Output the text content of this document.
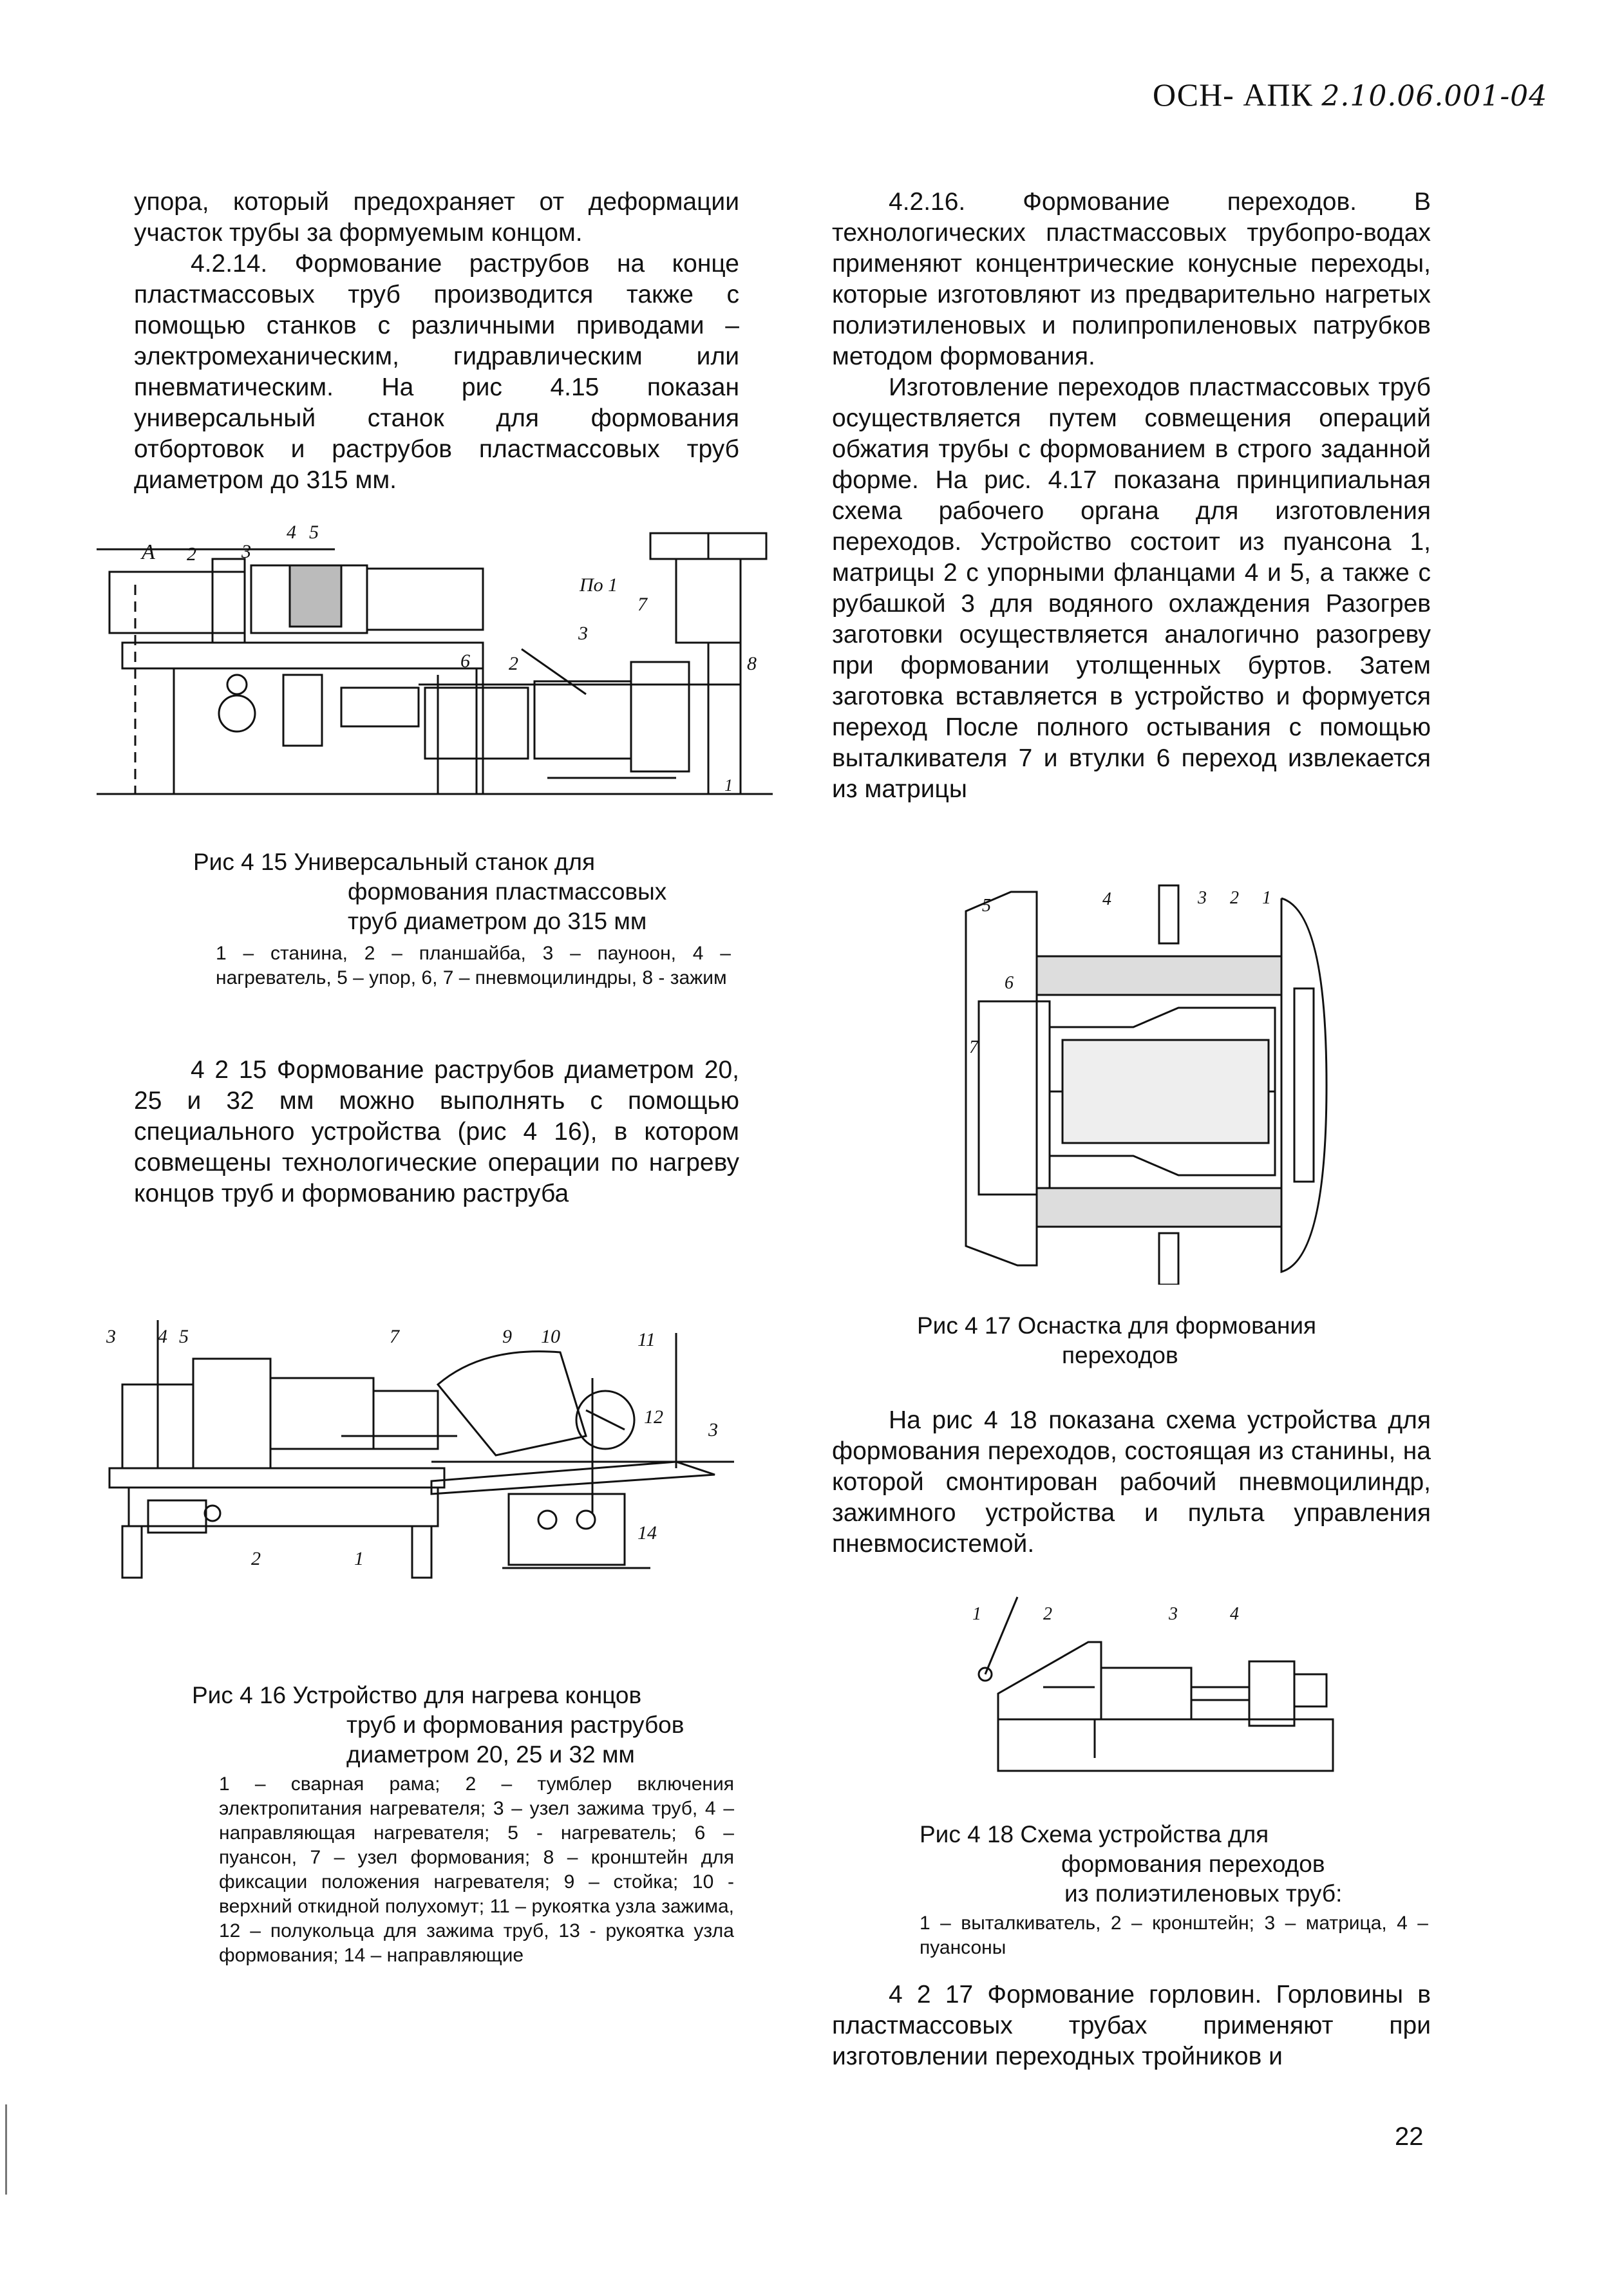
ОСН- АПК 2.10.06.001-04

упора, который предохраняет от деформации участок трубы за формуемым концом.

4.2.14. Формование раструбов на конце пластмассовых труб производится также с помощью станков с различными приводами – электромеханическим, гидравлическим или пневматическим. На рис 4.15 показан универсальный станок для формования отбортовок и раструбов пластмассовых труб диаметром до 315 мм.

A 2 3
4 5
По 1
7
6 2
3
8
1
Рис 4 15 Универсальный станок для
формования пластмассовых
труб диаметром до 315 мм
1 – станина, 2 – планшайба, 3 – пауноон, 4 – нагреватель, 5 – упор, 6, 7 – пневмоцилиндры, 8 - зажим

4 2 15 Формование раструбов диаметром 20, 25 и 32 мм можно выполнять с помощью специального устройства (рис 4 16), в котором совмещены технологические операции по нагреву концов труб и формованию раструба

3 4 5	7	9 10	11
12
3
2	1
14
Рис 4 16 Устройство для нагрева концов
труб и формования раструбов
диаметром 20, 25 и 32 мм
1 – сварная рама; 2 – тумблер включения электропитания нагревателя; 3 – узел зажима труб, 4 – направляющая нагревателя; 5 - нагреватель; 6 – пуансон, 7 – узел формования; 8 – кронштейн для фиксации положения нагревателя; 9 – стойка; 10 - верхний откидной полухомут; 11 – рукоятка узла зажима, 12 – полукольца для зажима труб, 13 - рукоятка узла формования; 14 – направляющие

4.2.16. Формование переходов. В технологических пластмассовых трубопро-водах применяют концентрические конусные переходы, которые изготовляют из предварительно нагретых полиэтиленовых и полипропиленовых патрубков методом формования.

Изготовление переходов пластмассовых труб осуществляется путем совмещения операций обжатия трубы с формованием в строго заданной форме. На рис. 4.17 показана принципиальная схема рабочего органа для изготовления переходов. Устройство состоит из пуансона 1, матрицы 2 с упорными фланцами 4 и 5, а также с рубашкой 3 для водяного охлаждения Разогрев заготовки осуществляется аналогично разогреву при формовании утолщенных буртов. Затем заготовка вставляется в устройство и формуется переход После полного остывания с помощью выталкивателя 7 и втулки 6 переход извлекается из матрицы

5	4	3 2 1
6
7
Рис 4 17 Оснастка для формования
переходов

На рис 4 18 показана схема устройства для формования переходов, состоящая из станины, на которой смонтирован рабочий пневмоцилиндр, зажимного устройства и пульта управления пневмосистемой.

1	2	3	4
Рис 4 18 Схема устройства для
формования переходов
из полиэтиленовых труб:
1 – выталкиватель, 2 – кронштейн; 3 – матрица, 4 – пуансоны

4 2 17 Формование горловин. Горловины в пластмассовых трубах применяют при изготовлении переходных тройников и

22
